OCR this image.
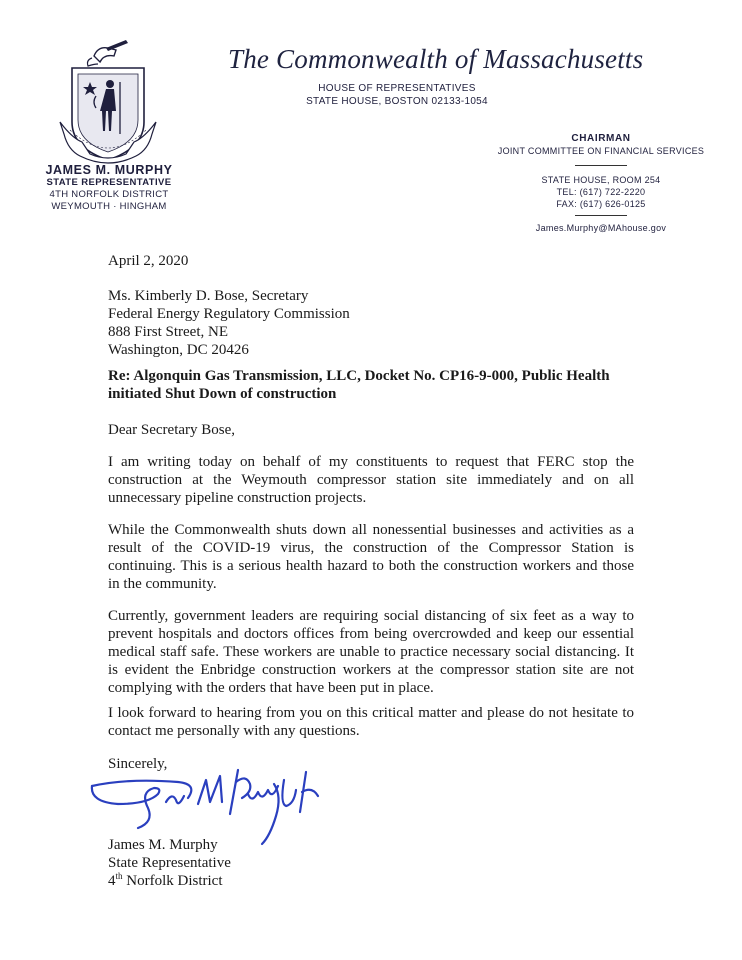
JAMES M. MURPHY
STATE REPRESENTATIVE
4TH NORFOLK DISTRICT
WEYMOUTH · HINGHAM
The Commonwealth of Massachusetts
HOUSE OF REPRESENTATIVES
STATE HOUSE, BOSTON 02133-1054
CHAIRMAN
JOINT COMMITTEE ON FINANCIAL SERVICES
STATE HOUSE, ROOM 254
TEL: (617) 722-2220
FAX: (617) 626-0125
James.Murphy@MAhouse.gov
April 2, 2020
Ms. Kimberly D. Bose, Secretary
Federal Energy Regulatory Commission
888 First Street, NE
Washington, DC 20426
Re: Algonquin Gas Transmission, LLC, Docket No. CP16-9-000, Public Health initiated Shut Down of construction
Dear Secretary Bose,
I am writing today on behalf of my constituents to request that FERC stop the construction at the Weymouth compressor station site immediately and on all unnecessary pipeline construction projects.
While the Commonwealth shuts down all nonessential businesses and activities as a result of the COVID-19 virus, the construction of the Compressor Station is continuing. This is a serious health hazard to both the construction workers and those in the community.
Currently, government leaders are requiring social distancing of six feet as a way to prevent hospitals and doctors offices from being overcrowded and keep our essential medical staff safe. These workers are unable to practice necessary social distancing. It is evident the Enbridge construction workers at the compressor station site are not complying with the orders that have been put in place.
I look forward to hearing from you on this critical matter and please do not hesitate to contact me personally with any questions.
Sincerely,
James M. Murphy
State Representative
4th Norfolk District
